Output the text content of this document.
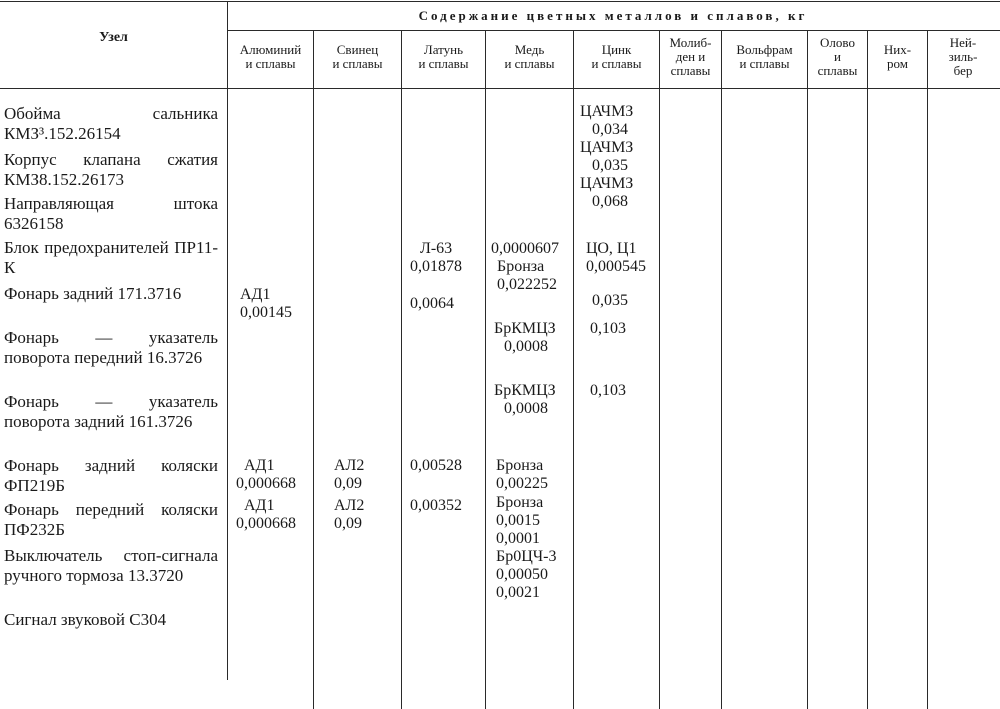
Узел
Содержание цветных металлов и сплавов, кг
Алюминий
и сплавы
Свинец
и сплавы
Латунь
и сплавы
Медь
и сплавы
Цинк
и сплавы
Молиб-
ден и
сплавы
Вольфрам
и сплавы
Олово
и
сплавы
Них-
ром
Ней-
зиль-
бер
Обойма сальника КМЗ³.152.26154
Корпус клапана сжатия КМЗ8.152.26173
Направляющая штока 6326158
Блок предохранителей ПР11-К
Фонарь задний 171.3716
Фонарь — указатель поворота передний 16.3726
Фонарь — указатель поворота задний 161.3726
Фонарь задний коляски ФП219Б
Фонарь передний коляски ПФ232Б
Выключатель стоп-сигнала ручного тормоза 13.3720
Сигнал звуковой С304
ЦАЧМЗ
0,034
ЦАЧМЗ
0,035
ЦАЧМЗ
0,068
Л-63
0,01878
0,0000607
Бронза
0,022252
ЦО, Ц1
0,000545
АД1
0,00145
0,0064	0,035
БрКМЦЗ
0,0008
0,103
БрКМЦЗ
0,0008
0,103
АД1
0,000668
АЛ2
0,09
0,00528 Бронза
0,00225
АД1
0,000668
АЛ2
0,09
0,00352 Бронза
0,0015
0,0001
Бр0ЦЧ-3
0,00050
0,0021
